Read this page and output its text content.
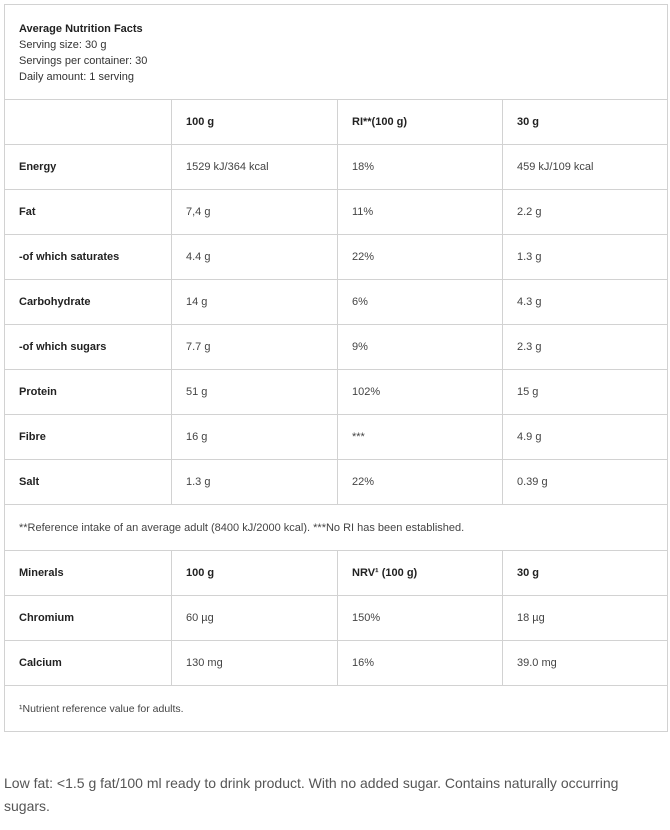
Average Nutrition Facts
Serving size: 30 g
Servings per container: 30
Daily amount: 1 serving			

	100 g	RI**(100 g)	30 g
Energy	1529 kJ/364 kcal	18%	459 kJ/109 kcal
Fat	7,4 g	11%	2.2 g
-of which saturates	4.4 g	22%	1.3 g
Carbohydrate	14 g	6%	4.3 g
-of which sugars	7.7 g	9%	2.3 g
Protein	51 g	102%	15 g
Fibre	16 g	***	4.9 g
Salt	1.3 g	22%	0.39 g
**Reference intake of an average adult (8400 kJ/2000 kcal). ***No RI has been established.			
Minerals	100 g	NRV¹ (100 g)	30 g
Chromium	60 µg	150%	18 µg
Calcium	130 mg	16%	39.0 mg
¹Nutrient reference value for adults.			
Low fat: <1.5 g fat/100 ml ready to drink product. With no added sugar. Contains naturally occurring sugars.
